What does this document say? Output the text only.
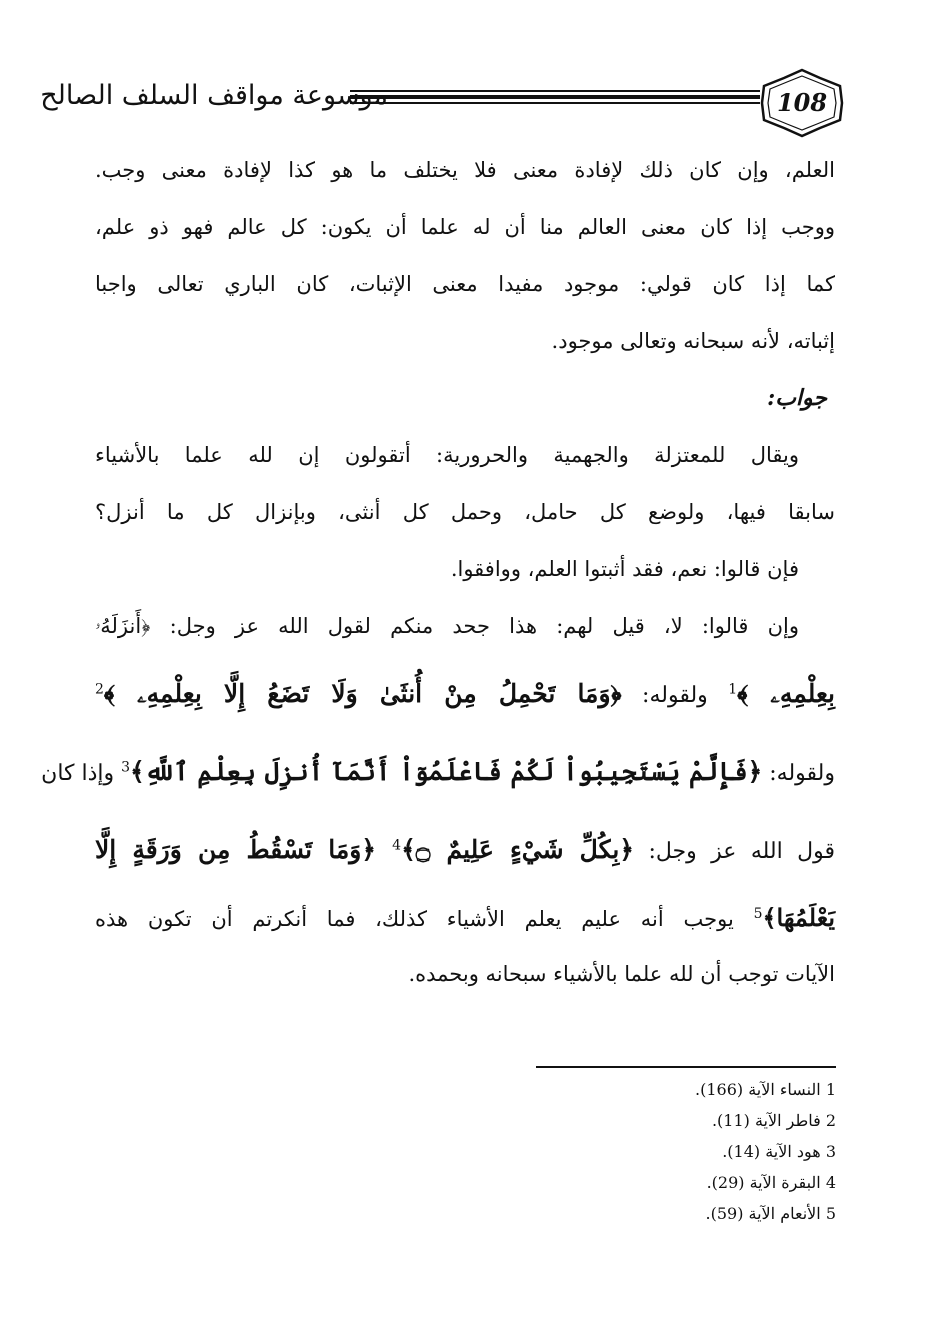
موسوعة مواقف السلف الصالح	108
العلم، وإن كان ذلك لإفادة معنى فلا يختلف ما هو كذا لإفادة معنى وجب.
ووجب إذا كان معنى العالم منا أن له علما أن يكون: كل عالم فهو ذو علم،
كما إذا كان قولي: موجود مفيدا معنى الإثبات، كان الباري تعالى واجبا
إثباته، لأنه سبحانه وتعالى موجود.
جواب:
ويقال للمعتزلة والجهمية والحرورية: أتقولون إن لله علما بالأشياء
سابقا فيها، ولوضع كل حامل، وحمل كل أنثى، وبإنزال كل ما أنزل؟
فإن قالوا: نعم، فقد أثبتوا العلم، ووافقوا.
وإن قالوا: لا، قيل لهم: هذا جحد منكم لقول الله عز وجل: ﴿أَنزَلَهُۥ
بِعِلْمِهِۦ ﴾$^1$ ولقوله: ﴿وَمَا تَحْمِلُ مِنْ أُنثَىٰ وَلَا تَضَعُ إِلَّا بِعِلْمِهِۦ ﴾$^2$
ولقوله: ﴿فَإِلَّمْ يَسْتَجِيبُواْ لَكُمْ فَاعْلَمُوٓاْ أَنَّمَآ أُنزِلَ بِعِلْمِ ٱللَّهِ﴾$^3$ وإذا كان
قول الله عز وجل: ﴿بِكُلِّ شَيْءٍ عَلِيمٌ ۝﴾$^4$ ﴿وَمَا تَسْقُطُ مِن وَرَقَةٍ إِلَّا
يَعْلَمُهَا﴾$^5$ يوجب أنه عليم يعلم الأشياء كذلك، فما أنكرتم أن تكون هذه
الآيات توجب أن لله علما بالأشياء سبحانه وبحمده.
1 النساء الآية (166).
2 فاطر الآية (11).
3 هود الآية (14).
4 البقرة الآية (29).
5 الأنعام الآية (59).
